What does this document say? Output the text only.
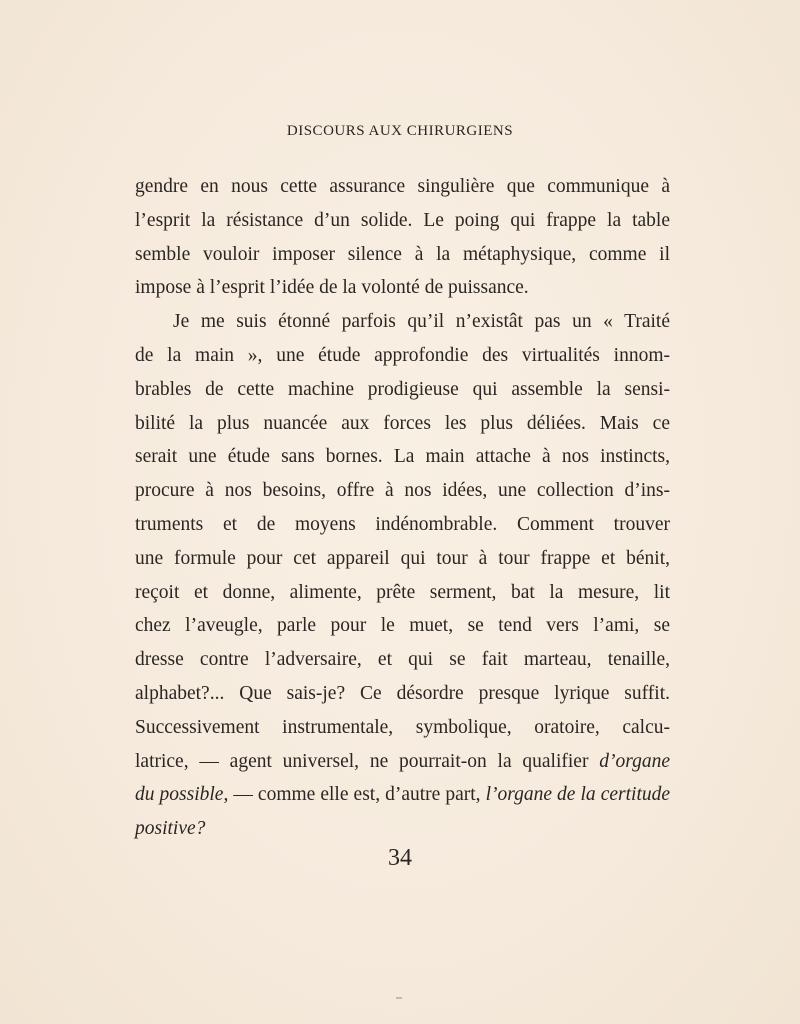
DISCOURS AUX CHIRURGIENS
gendre en nous cette assurance singulière que communique à
l’esprit la résistance d’un solide. Le poing qui frappe la table
semble vouloir imposer silence à la métaphysique, comme il
impose à l’esprit l’idée de la volonté de puissance.
Je me suis étonné parfois qu’il n’existât pas un « Traité
de la main », une étude approfondie des virtualités innom-
brables de cette machine prodigieuse qui assemble la sensi-
bilité la plus nuancée aux forces les plus déliées. Mais ce
serait une étude sans bornes. La main attache à nos instincts,
procure à nos besoins, offre à nos idées, une collection d’ins-
truments et de moyens indénombrable. Comment trouver
une formule pour cet appareil qui tour à tour frappe et bénit,
reçoit et donne, alimente, prête serment, bat la mesure, lit
chez l’aveugle, parle pour le muet, se tend vers l’ami, se
dresse contre l’adversaire, et qui se fait marteau, tenaille,
alphabet?... Que sais-je? Ce désordre presque lyrique suffit.
Successivement instrumentale, symbolique, oratoire, calcu-
latrice, — agent universel, ne pourrait-on la qualifier d’organe
du possible, — comme elle est, d’autre part, l’organe de la certitude
positive?
34
